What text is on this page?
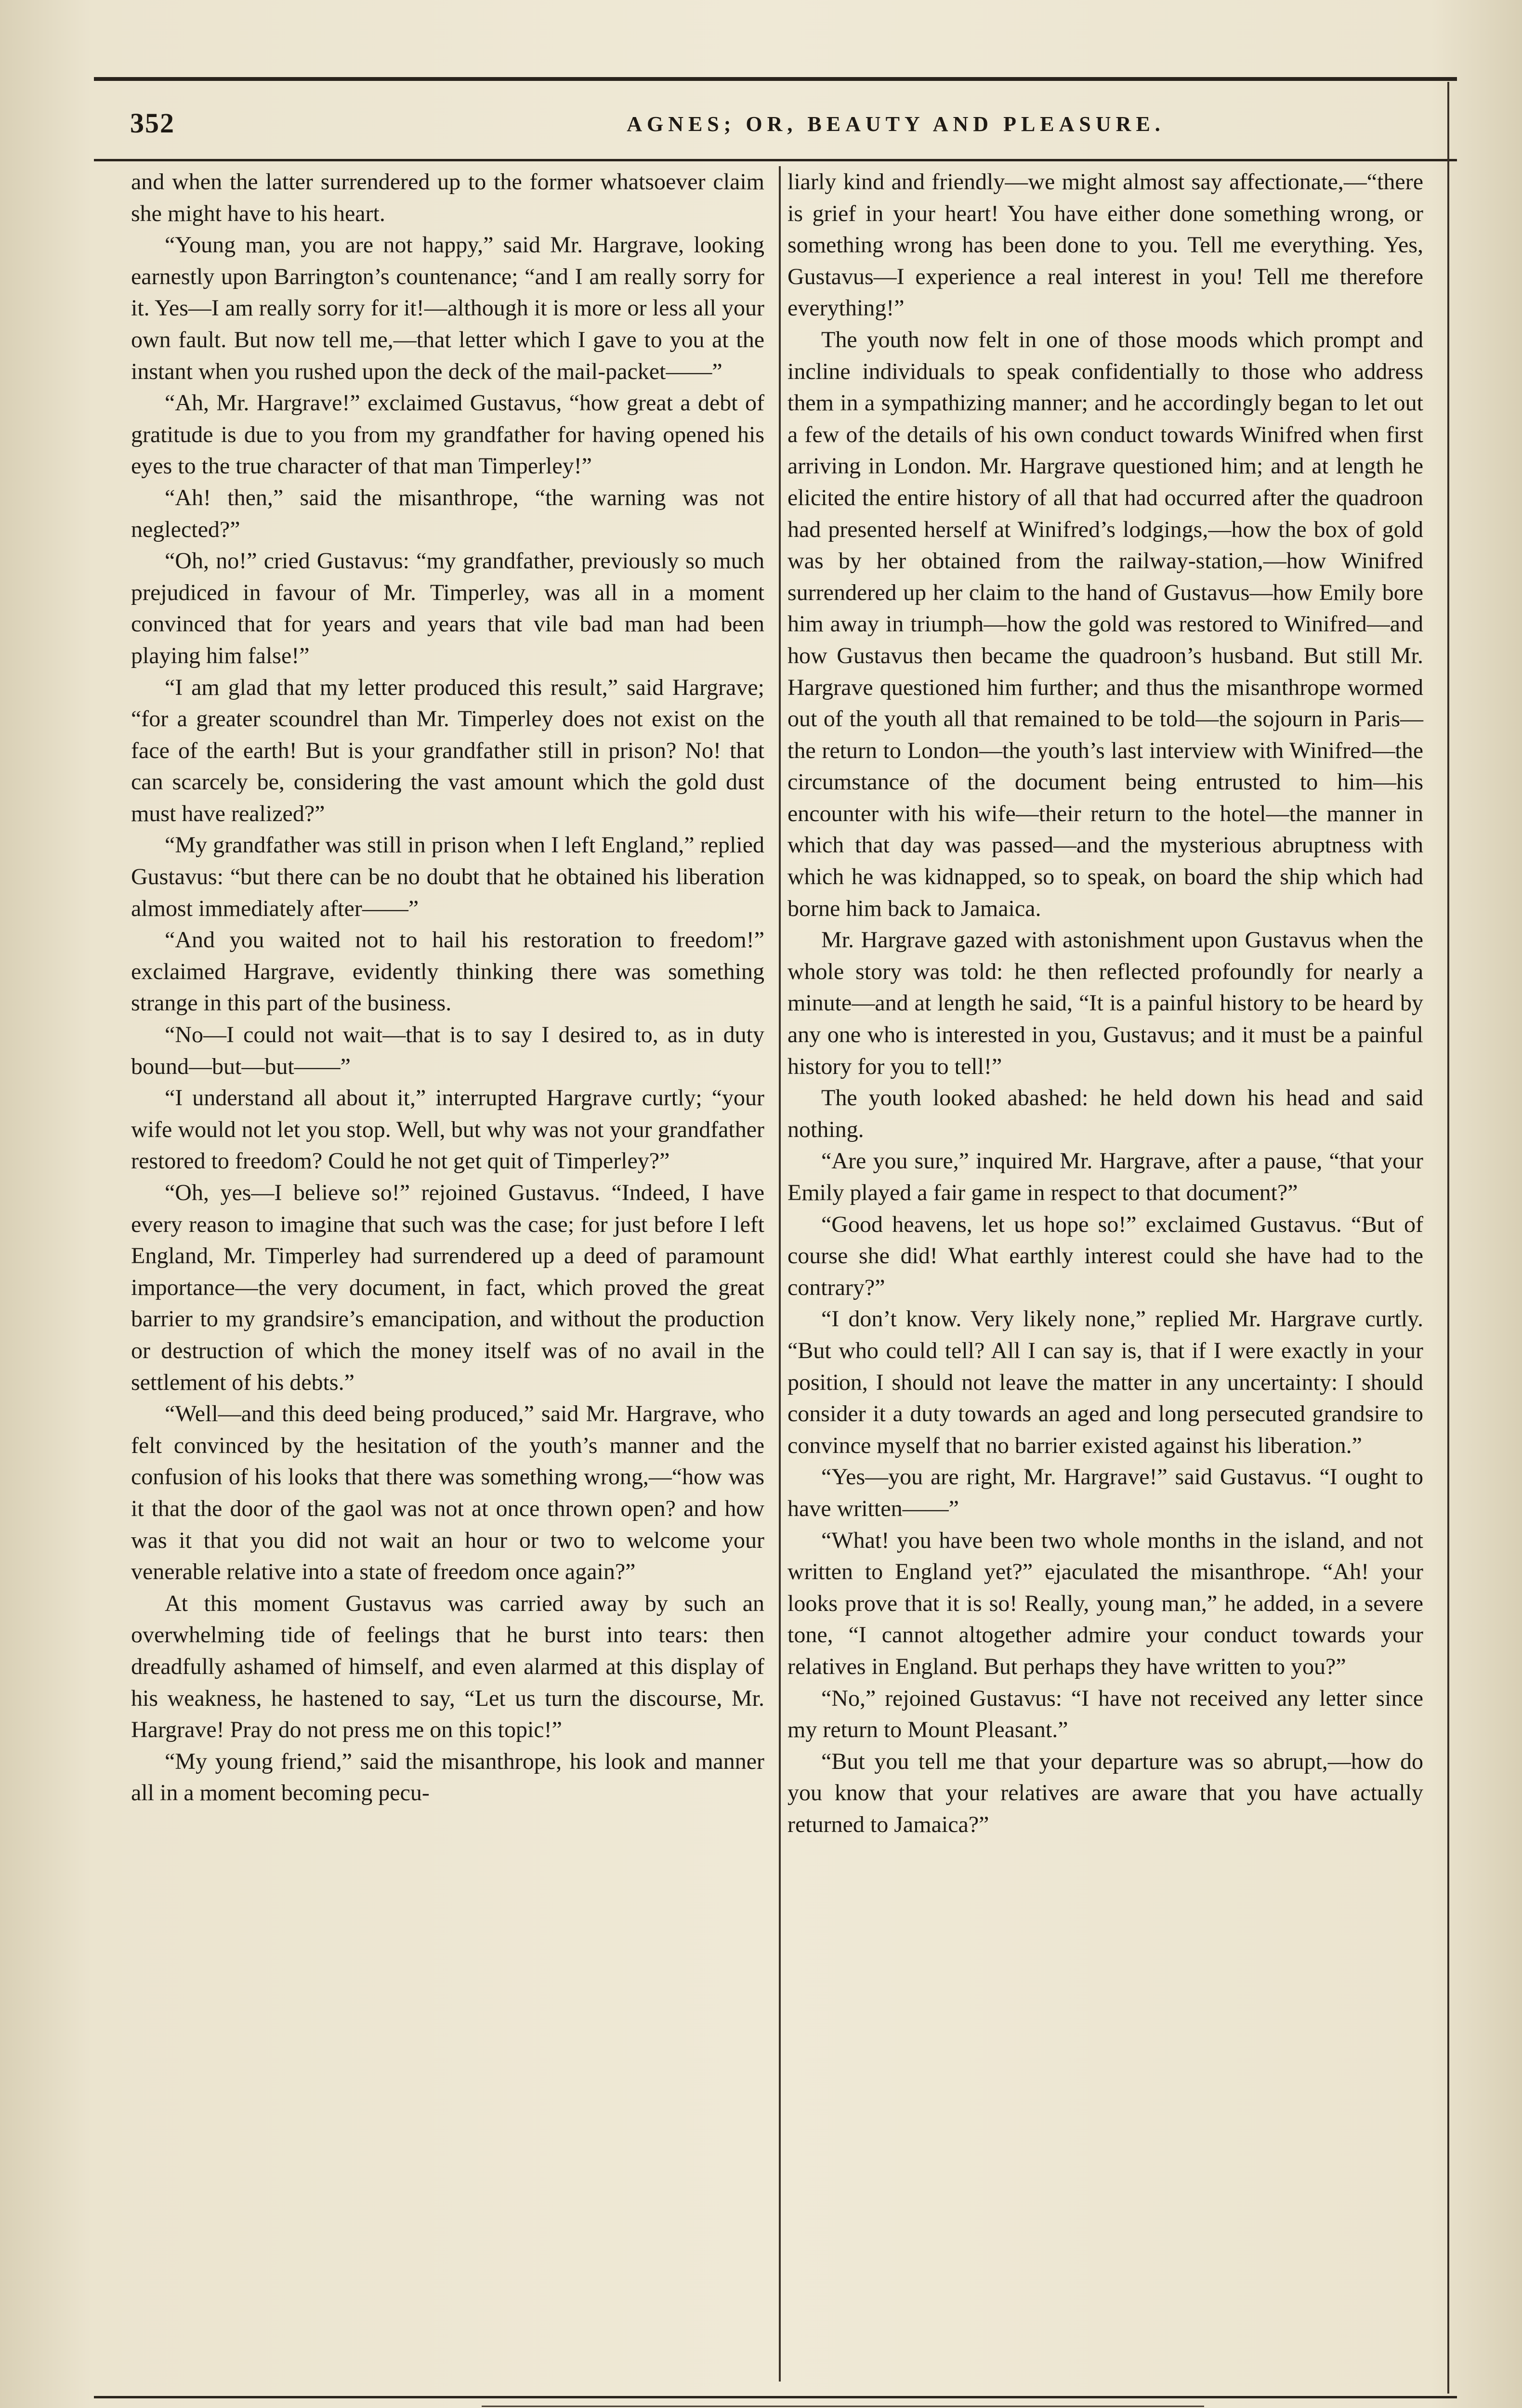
352	AGNES; OR, BEAUTY AND PLEASURE.

and when the latter surrendered up to the former whatsoever claim she might have to his heart.

“Young man, you are not happy,” said Mr. Hargrave, looking earnestly upon Barrington’s countenance; “and I am really sorry for it. Yes—I am really sorry for it!—although it is more or less all your own fault. But now tell me,—that letter which I gave to you at the instant when you rushed upon the deck of the mail-packet——”

“Ah, Mr. Hargrave!” exclaimed Gustavus, “how great a debt of gratitude is due to you from my grandfather for having opened his eyes to the true character of that man Timperley!”

“Ah! then,” said the misanthrope, “the warning was not neglected?”

“Oh, no!” cried Gustavus: “my grandfather, previously so much prejudiced in favour of Mr. Timperley, was all in a moment convinced that for years and years that vile bad man had been playing him false!”

“I am glad that my letter produced this result,” said Hargrave; “for a greater scoundrel than Mr. Timperley does not exist on the face of the earth! But is your grandfather still in prison? No! that can scarcely be, considering the vast amount which the gold dust must have realized?”

“My grandfather was still in prison when I left England,” replied Gustavus: “but there can be no doubt that he obtained his liberation almost immediately after——”

“And you waited not to hail his restoration to freedom!” exclaimed Hargrave, evidently thinking there was something strange in this part of the business.

“No—I could not wait—that is to say I desired to, as in duty bound—but—but——”

“I understand all about it,” interrupted Hargrave curtly; “your wife would not let you stop. Well, but why was not your grandfather restored to freedom? Could he not get quit of Timperley?”

“Oh, yes—I believe so!” rejoined Gustavus. “Indeed, I have every reason to imagine that such was the case; for just before I left England, Mr. Timperley had surrendered up a deed of paramount importance—the very document, in fact, which proved the great barrier to my grandsire’s emancipation, and without the production or destruction of which the money itself was of no avail in the settlement of his debts.”

“Well—and this deed being produced,” said Mr. Hargrave, who felt convinced by the hesitation of the youth’s manner and the confusion of his looks that there was something wrong,—“how was it that the door of the gaol was not at once thrown open? and how was it that you did not wait an hour or two to welcome your venerable relative into a state of freedom once again?”

At this moment Gustavus was carried away by such an overwhelming tide of feelings that he burst into tears: then dreadfully ashamed of himself, and even alarmed at this display of his weakness, he hastened to say, “Let us turn the discourse, Mr. Hargrave! Pray do not press me on this topic!”

“My young friend,” said the misanthrope, his look and manner all in a moment becoming pecu-

liarly kind and friendly—we might almost say affectionate,—“there is grief in your heart! You have either done something wrong, or something wrong has been done to you. Tell me everything. Yes, Gustavus—I experience a real interest in you! Tell me therefore everything!”

The youth now felt in one of those moods which prompt and incline individuals to speak confidentially to those who address them in a sympathizing manner; and he accordingly began to let out a few of the details of his own conduct towards Winifred when first arriving in London. Mr. Hargrave questioned him; and at length he elicited the entire history of all that had occurred after the quadroon had presented herself at Winifred’s lodgings,—how the box of gold was by her obtained from the railway-station,—how Winifred surrendered up her claim to the hand of Gustavus—how Emily bore him away in triumph—how the gold was restored to Winifred—and how Gustavus then became the quadroon’s husband. But still Mr. Hargrave questioned him further; and thus the misanthrope wormed out of the youth all that remained to be told—the sojourn in Paris—the return to London—the youth’s last interview with Winifred—the circumstance of the document being entrusted to him—his encounter with his wife—their return to the hotel—the manner in which that day was passed—and the mysterious abruptness with which he was kidnapped, so to speak, on board the ship which had borne him back to Jamaica.

Mr. Hargrave gazed with astonishment upon Gustavus when the whole story was told: he then reflected profoundly for nearly a minute—and at length he said, “It is a painful history to be heard by any one who is interested in you, Gustavus; and it must be a painful history for you to tell!”

The youth looked abashed: he held down his head and said nothing.

“Are you sure,” inquired Mr. Hargrave, after a pause, “that your Emily played a fair game in respect to that document?”

“Good heavens, let us hope so!” exclaimed Gustavus. “But of course she did! What earthly interest could she have had to the contrary?”

“I don’t know. Very likely none,” replied Mr. Hargrave curtly. “But who could tell? All I can say is, that if I were exactly in your position, I should not leave the matter in any uncertainty: I should consider it a duty towards an aged and long persecuted grandsire to convince myself that no barrier existed against his liberation.”

“Yes—you are right, Mr. Hargrave!” said Gustavus. “I ought to have written——”

“What! you have been two whole months in the island, and not written to England yet?” ejaculated the misanthrope. “Ah! your looks prove that it is so! Really, young man,” he added, in a severe tone, “I cannot altogether admire your conduct towards your relatives in England. But perhaps they have written to you?”

“No,” rejoined Gustavus: “I have not received any letter since my return to Mount Pleasant.”

“But you tell me that your departure was so abrupt,—how do you know that your relatives are aware that you have actually returned to Jamaica?”
